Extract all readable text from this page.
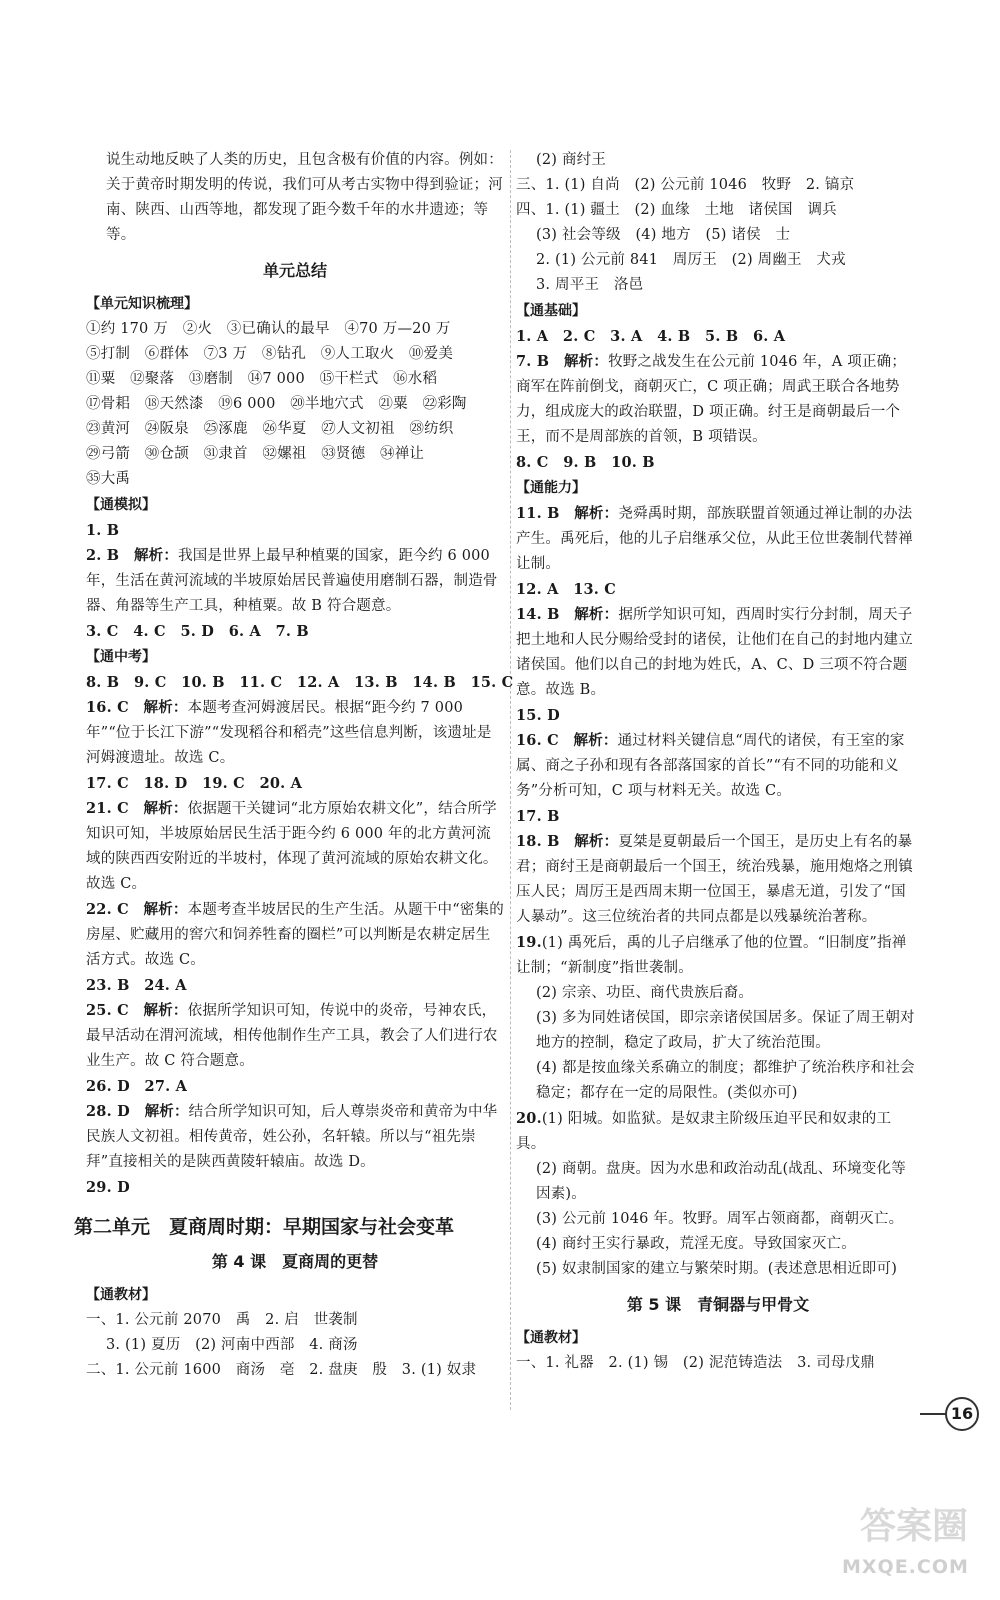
说生动地反映了人类的历史，且包含极有价值的内容。例如：关于黄帝时期发明的传说，我们可从考古实物中得到验证；河南、陕西、山西等地，都发现了距今数千年的水井遗迹；等等。
单元总结
【单元知识梳理】
①约 170 万　②火　③已确认的最早　④70 万—20 万
⑤打制　⑥群体　⑦3 万　⑧钻孔　⑨人工取火　⑩爱美
⑪粟　⑫聚落　⑬磨制　⑭7 000　⑮干栏式　⑯水稻
⑰骨耜　⑱天然漆　⑲6 000　⑳半地穴式　㉑粟　㉒彩陶
㉓黄河　㉔阪泉　㉕涿鹿　㉖华夏　㉗人文初祖　㉘纺织
㉙弓箭　㉚仓颉　㉛隶首　㉜嫘祖　㉝贤德　㉞禅让
㉟大禹
【通模拟】
1. B
2. B　 解析：我国是世界上最早种植粟的国家，距今约 6 000 年，生活在黄河流域的半坡原始居民普遍使用磨制石器，制造骨器、角器等生产工具，种植粟。故 B 符合题意。
3. C　4. C　5. D　6. A　7. B
【通中考】
8. B　9. C　10. B　11. C　12. A　13. B　14. B　15. C
16. C　 解析：本题考查河姆渡居民。根据“距今约 7 000 年”“位于长江下游”“发现稻谷和稻壳”这些信息判断，该遗址是河姆渡遗址。故选 C。
17. C　18. D　19. C　20. A
21. C　 解析：依据题干关键词“北方原始农耕文化”，结合所学知识可知，半坡原始居民生活于距今约 6 000 年的北方黄河流域的陕西西安附近的半坡村，体现了黄河流域的原始农耕文化。故选 C。
22. C　 解析：本题考查半坡居民的生产生活。从题干中“密集的房屋、贮藏用的窖穴和饲养牲畜的圈栏”可以判断是农耕定居生活方式。故选 C。
23. B　24. A
25. C　 解析：依据所学知识可知，传说中的炎帝，号神农氏，最早活动在渭河流域，相传他制作生产工具，教会了人们进行农业生产。故 C 符合题意。
26. D　27. A
28. D　 解析：结合所学知识可知，后人尊崇炎帝和黄帝为中华民族人文初祖。相传黄帝，姓公孙，名轩辕。所以与“祖先崇拜”直接相关的是陕西黄陵轩辕庙。故选 D。
29. D
第二单元　夏商周时期：早期国家与社会变革
第 4 课　夏商周的更替
【通教材】
一、1. 公元前 2070　禹　2. 启　世袭制
3. (1) 夏历　(2) 河南中西部　4. 商汤
二、1. 公元前 1600　商汤　亳　2. 盘庚　殷　3. (1) 奴隶
(2) 商纣王
三、1. (1) 自尚　(2) 公元前 1046　牧野　2. 镐京
四、1. (1) 疆土　(2) 血缘　土地　诸侯国　调兵
(3) 社会等级　(4) 地方　(5) 诸侯　士
2. (1) 公元前 841　周厉王　(2) 周幽王　犬戎
3. 周平王　洛邑
【通基础】
1. A　2. C　3. A　4. B　5. B　6. A
7. B　 解析：牧野之战发生在公元前 1046 年，A 项正确；商军在阵前倒戈，商朝灭亡，C 项正确；周武王联合各地势力，组成庞大的政治联盟，D 项正确。纣王是商朝最后一个王，而不是周部族的首领，B 项错误。
8. C　9. B　10. B
【通能力】
11. B　 解析：尧舜禹时期，部族联盟首领通过禅让制的办法产生。禹死后，他的儿子启继承父位，从此王位世袭制代替禅让制。
12. A　13. C
14. B　 解析：据所学知识可知，西周时实行分封制，周天子把土地和人民分赐给受封的诸侯，让他们在自己的封地内建立诸侯国。他们以自己的封地为姓氏，A、C、D 三项不符合题意。故选 B。
15. D
16. C　 解析：通过材料关键信息“周代的诸侯，有王室的家属、商之子孙和现有各部落国家的首长”“有不同的功能和义务”分析可知，C 项与材料无关。故选 C。
17. B
18. B　 解析：夏桀是夏朝最后一个国王，是历史上有名的暴君；商纣王是商朝最后一个国王，统治残暴，施用炮烙之刑镇压人民；周厉王是西周末期一位国王，暴虐无道，引发了“国人暴动”。这三位统治者的共同点都是以残暴统治著称。
19.(1) 禹死后，禹的儿子启继承了他的位置。“旧制度”指禅让制；“新制度”指世袭制。
(2) 宗亲、功臣、商代贵族后裔。
(3) 多为同姓诸侯国，即宗亲诸侯国居多。保证了周王朝对地方的控制，稳定了政局，扩大了统治范围。
(4) 都是按血缘关系确立的制度；都维护了统治秩序和社会稳定；都存在一定的局限性。(类似亦可)
20.(1) 阳城。如监狱。是奴隶主阶级压迫平民和奴隶的工具。
(2) 商朝。盘庚。因为水患和政治动乱(战乱、环境变化等因素)。
(3) 公元前 1046 年。牧野。周军占领商都，商朝灭亡。
(4) 商纣王实行暴政，荒淫无度。导致国家灭亡。
(5) 奴隶制国家的建立与繁荣时期。(表述意思相近即可)
第 5 课　青铜器与甲骨文
【通教材】
一、1. 礼器　2. (1) 锡　(2) 泥范铸造法　3. 司母戊鼎
16
答案圈
MXQE.COM
